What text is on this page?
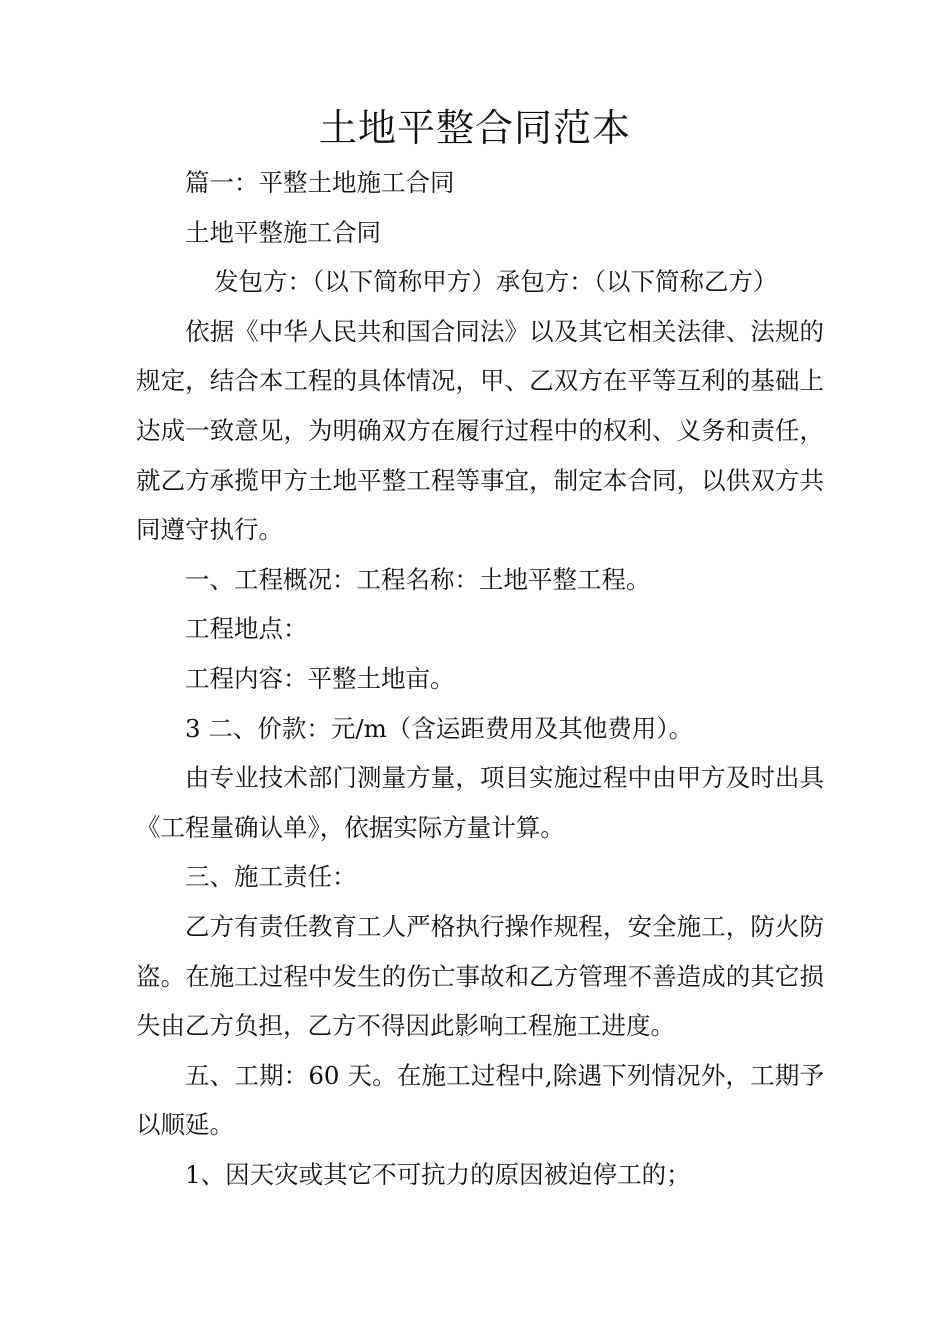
土地平整合同范本

篇一：平整土地施工合同

土地平整施工合同

发包方：（以下简称甲方）承包方：（以下简称乙方）

依据《中华人民共和国合同法》以及其它相关法律、法规的规定，结合本工程的具体情况，甲、乙双方在平等互利的基础上达成一致意见，为明确双方在履行过程中的权利、义务和责任，就乙方承揽甲方土地平整工程等事宜，制定本合同，以供双方共同遵守执行。

一、工程概况：工程名称：土地平整工程。

工程地点：

工程内容：平整土地亩。

3 二、价款：元/m（含运距费用及其他费用）。

由专业技术部门测量方量，项目实施过程中由甲方及时出具《工程量确认单》，依据实际方量计算。

三、施工责任：

乙方有责任教育工人严格执行操作规程，安全施工，防火防盗。在施工过程中发生的伤亡事故和乙方管理不善造成的其它损失由乙方负担，乙方不得因此影响工程施工进度。

五、工期：60 天。在施工过程中,除遇下列情况外，工期予以顺延。

1、因天灾或其它不可抗力的原因被迫停工的；
